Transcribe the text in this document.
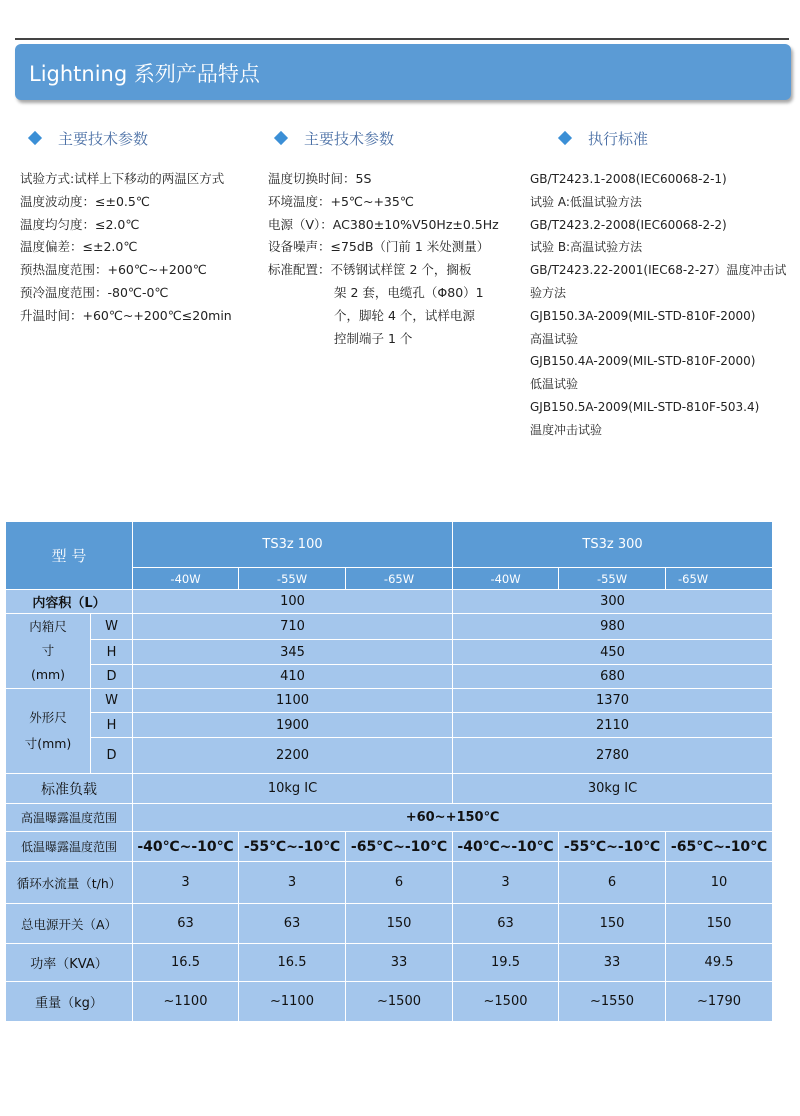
Lightning 系列产品特点
主要技术参数	主要技术参数	执行标准
试验方式:试样上下移动的两温区方式
温度波动度：≤±0.5℃
温度均匀度：≤2.0℃
温度偏差：≤±2.0℃
预热温度范围：+60℃~+200℃
预冷温度范围：-80℃-0℃
升温时间：+60℃~+200℃≤20min
温度切换时间：5S
环境温度：+5℃~+35℃
电源（V）：AC380±10%V50Hz±0.5Hz
设备噪声：≤75dB（门前 1 米处测量）
标准配置：不锈钢试样筐 2 个，搁板
架 2 套，电缆孔（Φ80）1
个，脚轮 4 个，试样电源
控制端子 1 个
GB/T2423.1-2008(IEC60068-2-1)
试验 A:低温试验方法
GB/T2423.2-2008(IEC60068-2-2)
试验 B:高温试验方法
GB/T2423.22-2001(IEC68-2-27）温度冲击试
验方法
GJB150.3A-2009(MIL-STD-810F-2000)
高温试验
GJB150.4A-2009(MIL-STD-810F-2000)
低温试验
GJB150.5A-2009(MIL-STD-810F-503.4)
温度冲击试验
型 号		TS3z 100			TS3z 300		
		-40W	-55W	-65W	-40W	-55W	-65W
内容积（L）		100			300		

内箱尺
寸
(mm)	W	710			980		
	H	345			450		
	D	410			680		

外形尺
寸(mm)	W	1100			1370		
	H	1900			2110		
	D	2200			2780		
标准负载		10kg IC			30kg IC		
高温曝露温度范围		+60~+150℃					
低温曝露温度范围		-40℃~-10℃	-55℃~-10℃	-65℃~-10℃	-40℃~-10℃	-55℃~-10℃	-65℃~-10℃
循环水流量（t/h）		3	3	6	3	6	10
总电源开关（A）		63	63	150	63	150	150
功率（KVA）		16.5	16.5	33	19.5	33	49.5
重量（kg）		~1100	~1100	~1500	~1500	~1550	~1790
